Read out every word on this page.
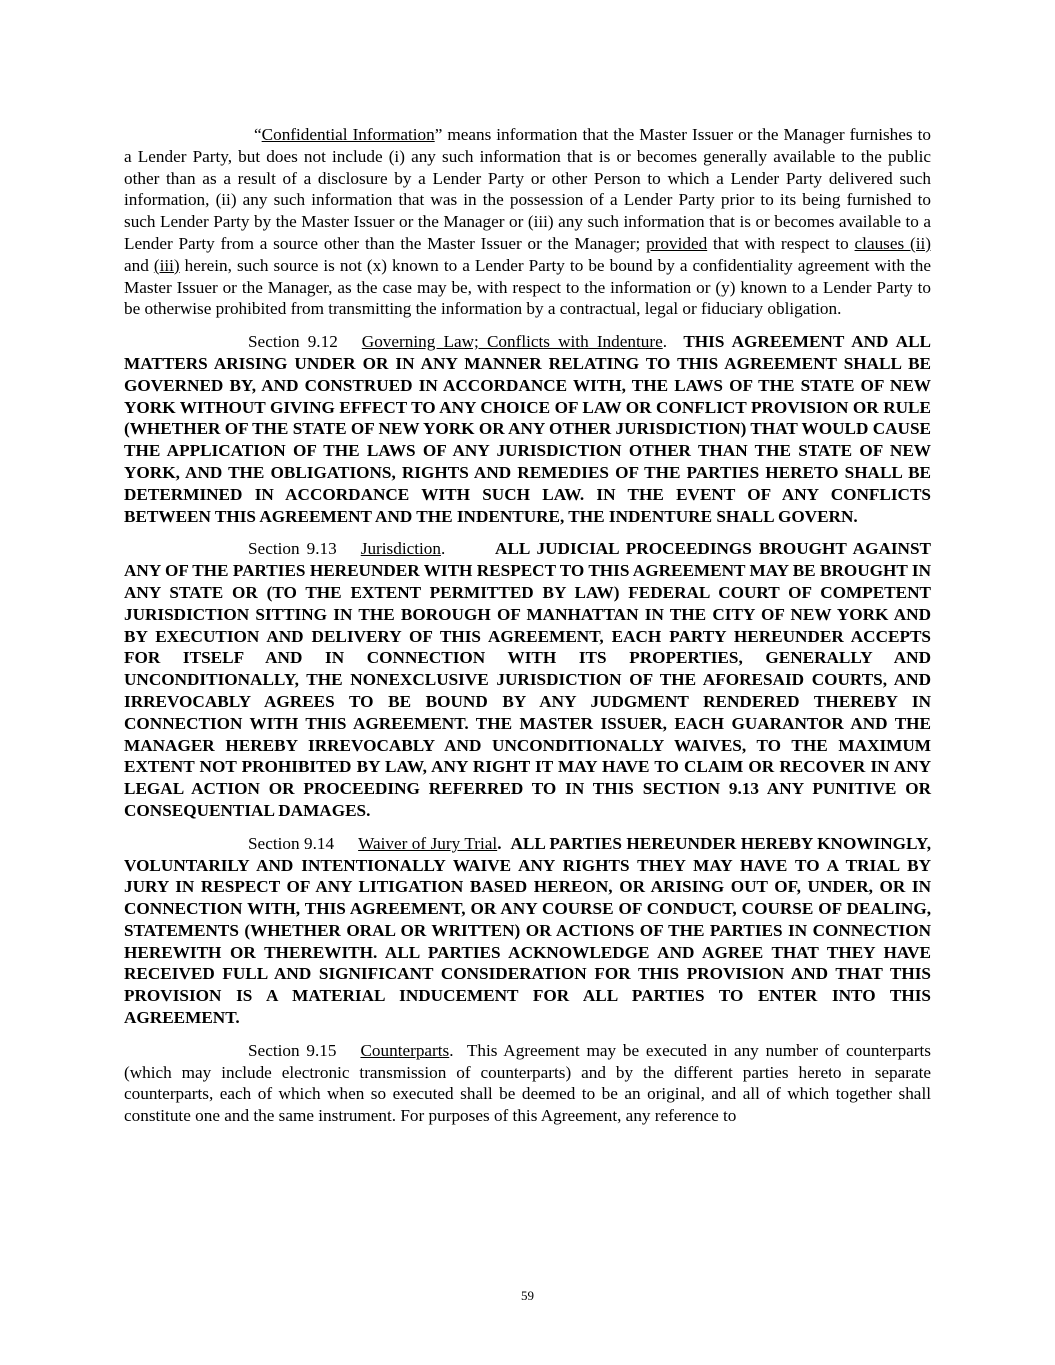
“Confidential Information” means information that the Master Issuer or the Manager furnishes to a Lender Party, but does not include (i) any such information that is or becomes generally available to the public other than as a result of a disclosure by a Lender Party or other Person to which a Lender Party delivered such information, (ii) any such information that was in the possession of a Lender Party prior to its being furnished to such Lender Party by the Master Issuer or the Manager or (iii) any such information that is or becomes available to a Lender Party from a source other than the Master Issuer or the Manager; provided that with respect to clauses (ii) and (iii) herein, such source is not (x) known to a Lender Party to be bound by a confidentiality agreement with the Master Issuer or the Manager, as the case may be, with respect to the information or (y) known to a Lender Party to be otherwise prohibited from transmitting the information by a contractual, legal or fiduciary obligation.

Section 9.12 Governing Law; Conflicts with Indenture. THIS AGREEMENT AND ALL MATTERS ARISING UNDER OR IN ANY MANNER RELATING TO THIS AGREEMENT SHALL BE GOVERNED BY, AND CONSTRUED IN ACCORDANCE WITH, THE LAWS OF THE STATE OF NEW YORK WITHOUT GIVING EFFECT TO ANY CHOICE OF LAW OR CONFLICT PROVISION OR RULE (WHETHER OF THE STATE OF NEW YORK OR ANY OTHER JURISDICTION) THAT WOULD CAUSE THE APPLICATION OF THE LAWS OF ANY JURISDICTION OTHER THAN THE STATE OF NEW YORK, AND THE OBLIGATIONS, RIGHTS AND REMEDIES OF THE PARTIES HERETO SHALL BE DETERMINED IN ACCORDANCE WITH SUCH LAW. IN THE EVENT OF ANY CONFLICTS BETWEEN THIS AGREEMENT AND THE INDENTURE, THE INDENTURE SHALL GOVERN.

Section 9.13 Jurisdiction.	ALL JUDICIAL PROCEEDINGS BROUGHT AGAINST ANY OF THE PARTIES HEREUNDER WITH RESPECT TO THIS AGREEMENT MAY BE BROUGHT IN ANY STATE OR (TO THE EXTENT PERMITTED BY LAW) FEDERAL COURT OF COMPETENT JURISDICTION SITTING IN THE BOROUGH OF MANHATTAN IN THE CITY OF NEW YORK AND BY EXECUTION AND DELIVERY OF THIS AGREEMENT, EACH PARTY HEREUNDER ACCEPTS FOR ITSELF AND IN CONNECTION WITH ITS PROPERTIES, GENERALLY AND UNCONDITIONALLY, THE NONEXCLUSIVE JURISDICTION OF THE AFORESAID COURTS, AND IRREVOCABLY AGREES TO BE BOUND BY ANY JUDGMENT RENDERED THEREBY IN CONNECTION WITH THIS AGREEMENT. THE MASTER ISSUER, EACH GUARANTOR AND THE MANAGER HEREBY IRREVOCABLY AND UNCONDITIONALLY WAIVES, TO THE MAXIMUM EXTENT NOT PROHIBITED BY LAW, ANY RIGHT IT MAY HAVE TO CLAIM OR RECOVER IN ANY LEGAL ACTION OR PROCEEDING REFERRED TO IN THIS SECTION 9.13 ANY PUNITIVE OR CONSEQUENTIAL DAMAGES.

Section 9.14 Waiver of Jury Trial. ALL PARTIES HEREUNDER HEREBY KNOWINGLY, VOLUNTARILY AND INTENTIONALLY WAIVE ANY RIGHTS THEY MAY HAVE TO A TRIAL BY JURY IN RESPECT OF ANY LITIGATION BASED HEREON, OR ARISING OUT OF, UNDER, OR IN CONNECTION WITH, THIS AGREEMENT, OR ANY COURSE OF CONDUCT, COURSE OF DEALING, STATEMENTS (WHETHER ORAL OR WRITTEN) OR ACTIONS OF THE PARTIES IN CONNECTION HEREWITH OR THEREWITH. ALL PARTIES ACKNOWLEDGE AND AGREE THAT THEY HAVE RECEIVED FULL AND SIGNIFICANT CONSIDERATION FOR THIS PROVISION AND THAT THIS PROVISION IS A MATERIAL INDUCEMENT FOR ALL PARTIES TO ENTER INTO THIS AGREEMENT.

Section 9.15 Counterparts. This Agreement may be executed in any number of counterparts (which may include electronic transmission of counterparts) and by the different parties hereto in separate counterparts, each of which when so executed shall be deemed to be an original, and all of which together shall constitute one and the same instrument. For purposes of this Agreement, any reference to

59
